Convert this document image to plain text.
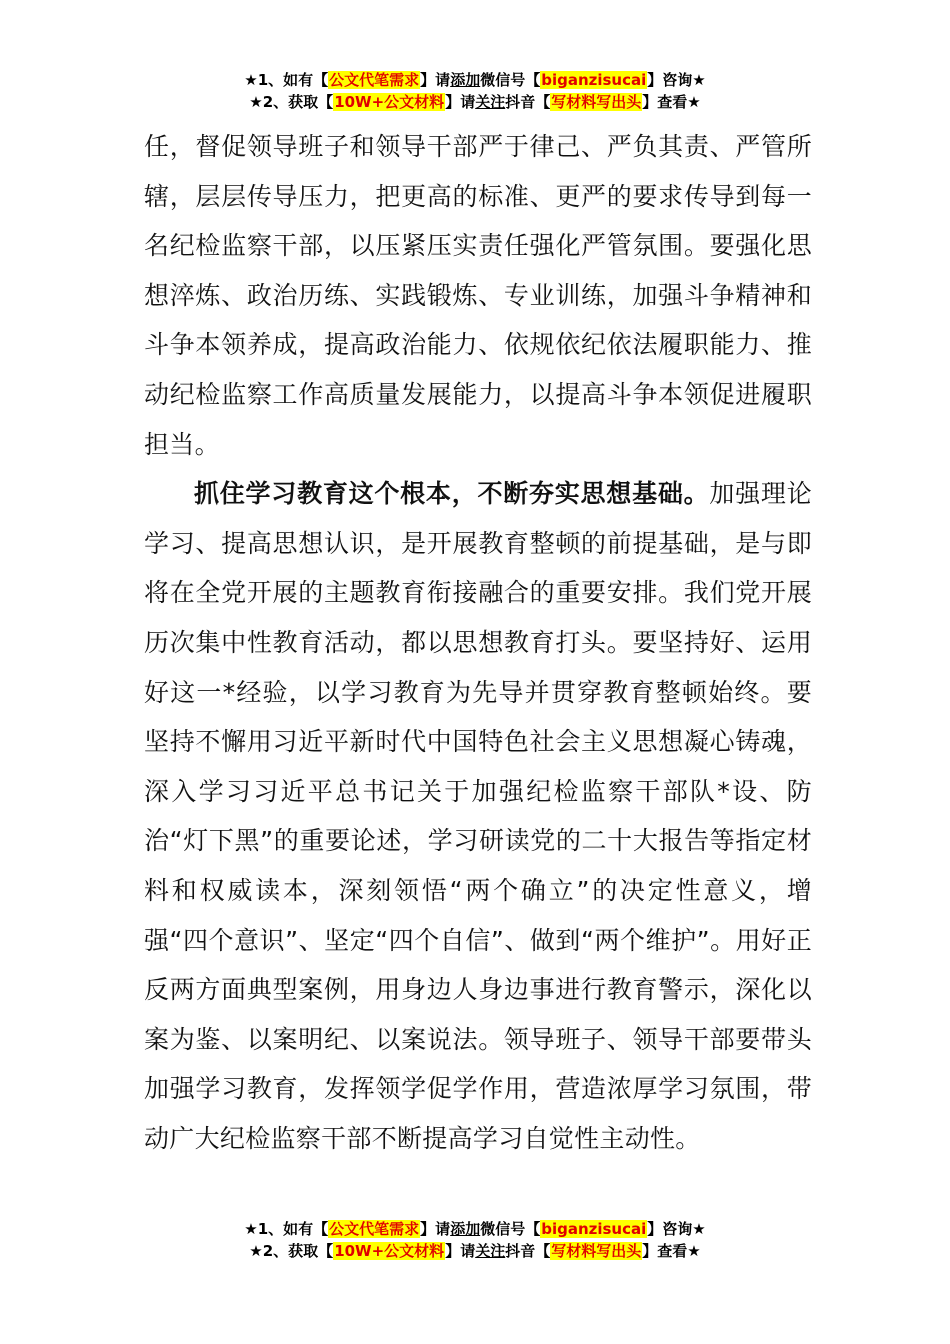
★1、如有【公文代笔需求】请添加微信号【biganzisucai】咨询★
★2、获取【10W+公文材料】请关注抖音【写材料写出头】查看★

任，督促领导班子和领导干部严于律己、严负其责、严管所辖，层层传导压力，把更高的标准、更严的要求传导到每一名纪检监察干部，以压紧压实责任强化严管氛围。要强化思想淬炼、政治历练、实践锻炼、专业训练，加强斗争精神和斗争本领养成，提高政治能力、依规依纪依法履职能力、推动纪检监察工作高质量发展能力，以提高斗争本领促进履职担当。

抓住学习教育这个根本，不断夯实思想基础。加强理论学习、提高思想认识，是开展教育整顿的前提基础，是与即将在全党开展的主题教育衔接融合的重要安排。我们党开展历次集中性教育活动，都以思想教育打头。要坚持好、运用好这一*经验，以学习教育为先导并贯穿教育整顿始终。要坚持不懈用习近平新时代中国特色社会主义思想凝心铸魂，深入学习习近平总书记关于加强纪检监察干部队*设、防治“灯下黑”的重要论述，学习研读党的二十大报告等指定材料和权威读本，深刻领悟“两个确立”的决定性意义，增强“四个意识”、坚定“四个自信”、做到“两个维护”。用好正反两方面典型案例，用身边人身边事进行教育警示，深化以案为鉴、以案明纪、以案说法。领导班子、领导干部要带头加强学习教育，发挥领学促学作用，营造浓厚学习氛围，带动广大纪检监察干部不断提高学习自觉性主动性。

★1、如有【公文代笔需求】请添加微信号【biganzisucai】咨询★
★2、获取【10W+公文材料】请关注抖音【写材料写出头】查看★
